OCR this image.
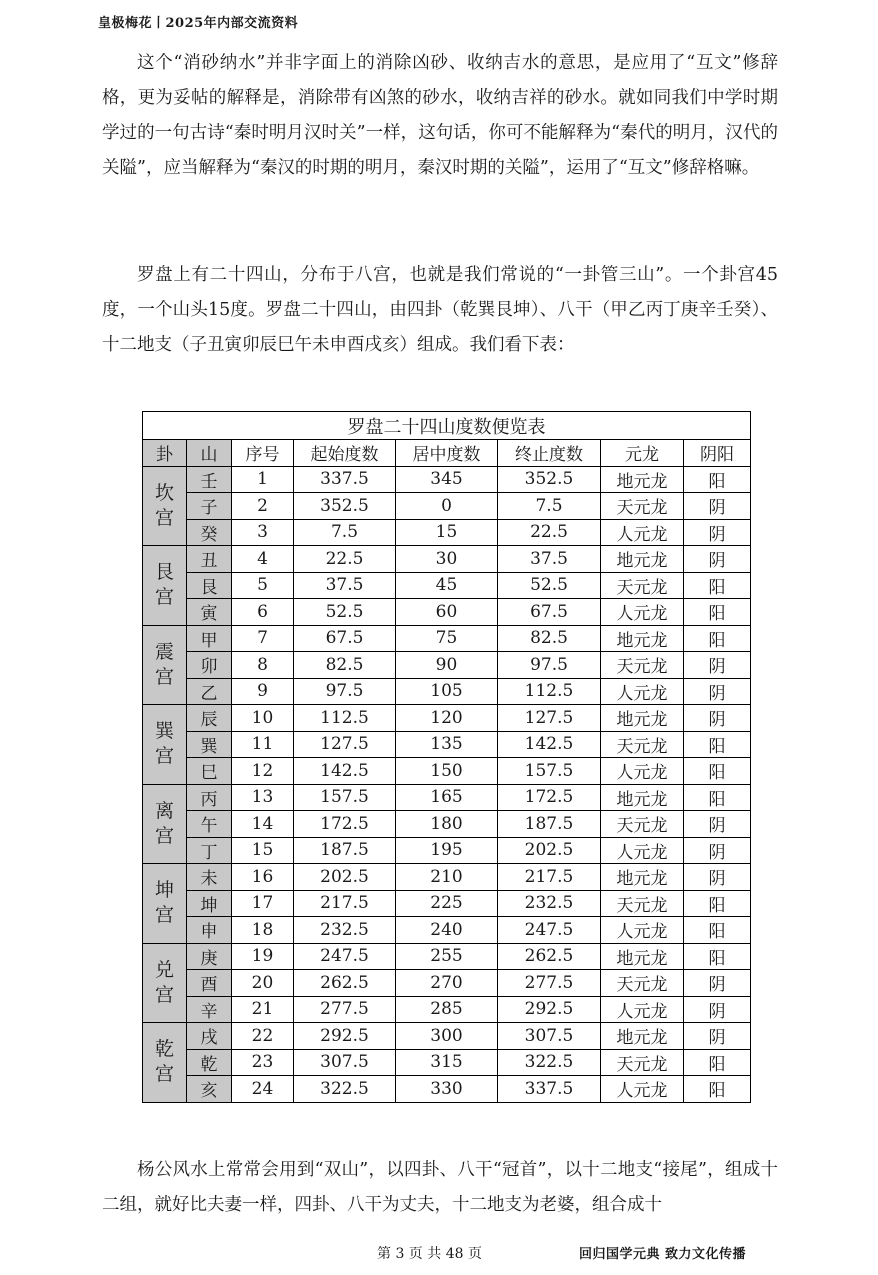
皇极梅花丨2025年内部交流资料

这个“消砂纳水”并非字面上的消除凶砂、收纳吉水的意思，是应用了“互文”修辞格，更为妥帖的解释是，消除带有凶煞的砂水，收纳吉祥的砂水。就如同我们中学时期学过的一句古诗“秦时明月汉时关”一样，这句话，你可不能解释为“秦代的明月，汉代的关隘”，应当解释为“秦汉的时期的明月，秦汉时期的关隘”，运用了“互文”修辞格嘛。

罗盘上有二十四山，分布于八宫，也就是我们常说的“一卦管三山”。一个卦宫45度，一个山头15度。罗盘二十四山，由四卦（乾巽艮坤）、八干（甲乙丙丁庚辛壬癸）、十二地支（子丑寅卯辰巳午未申酉戌亥）组成。我们看下表：

罗盘二十四山度数便览表							
卦	山	序号	起始度数	居中度数	终止度数	元龙	阴阳

坎
宫	壬	1	337.5	345	352.5	地元龙	阳
	子	2	352.5	0	7.5	天元龙	阴
	癸	3	7.5	15	22.5	人元龙	阴

艮
宫	丑	4	22.5	30	37.5	地元龙	阴
	艮	5	37.5	45	52.5	天元龙	阳
	寅	6	52.5	60	67.5	人元龙	阳

震
宫	甲	7	67.5	75	82.5	地元龙	阳
	卯	8	82.5	90	97.5	天元龙	阴
	乙	9	97.5	105	112.5	人元龙	阴

巽
宫	辰	10	112.5	120	127.5	地元龙	阴
	巽	11	127.5	135	142.5	天元龙	阳
	巳	12	142.5	150	157.5	人元龙	阳

离
宫	丙	13	157.5	165	172.5	地元龙	阳
	午	14	172.5	180	187.5	天元龙	阴
	丁	15	187.5	195	202.5	人元龙	阴

坤
宫	未	16	202.5	210	217.5	地元龙	阴
	坤	17	217.5	225	232.5	天元龙	阳
	申	18	232.5	240	247.5	人元龙	阳

兑
宫	庚	19	247.5	255	262.5	地元龙	阳
	酉	20	262.5	270	277.5	天元龙	阴
	辛	21	277.5	285	292.5	人元龙	阴

乾
宫	戌	22	292.5	300	307.5	地元龙	阴
	乾	23	307.5	315	322.5	天元龙	阳
	亥	24	322.5	330	337.5	人元龙	阳

杨公风水上常常会用到“双山”，以四卦、八干“冠首”，以十二地支“接尾”，组成十二组，就好比夫妻一样，四卦、八干为丈夫，十二地支为老婆，组合成十

第 3 页 共 48 页	回归国学元典 致力文化传播
